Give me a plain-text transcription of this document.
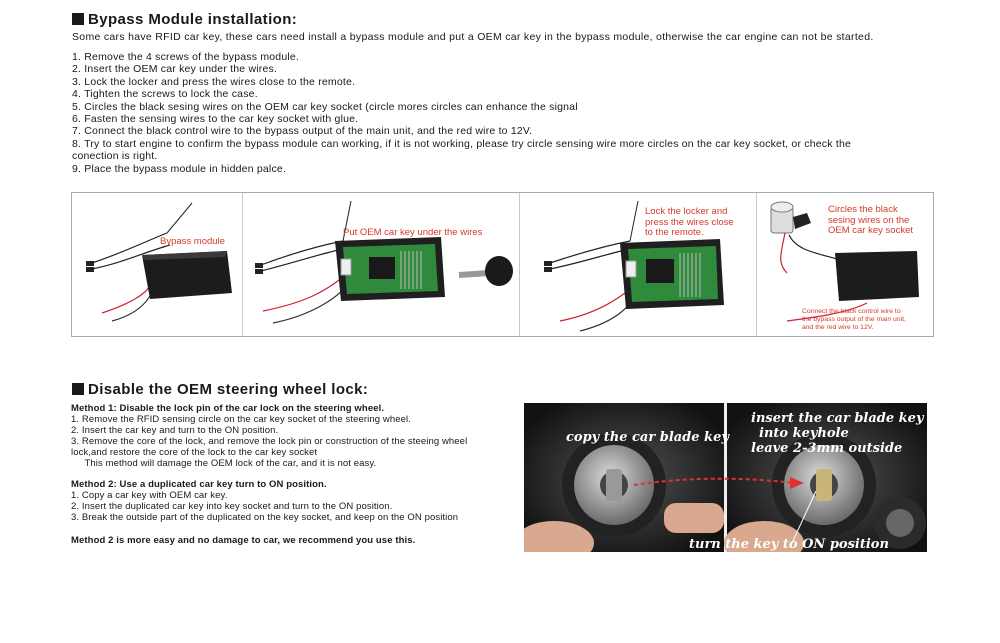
Bypass Module installation:
Some cars have RFID car key, these cars need install a bypass module and put a OEM car key in the bypass module, otherwise the car engine can not be started.
1. Remove the 4 screws of the bypass module.
2. Insert the OEM car key under the wires.
3. Lock the locker and press the wires close to the remote.
4. Tighten the screws to lock the case.
5. Circles the black sesing wires on the OEM car key socket (circle mores circles can enhance the signal
6. Fasten the sensing wires to the car key socket with glue.
7. Connect the black control wire to the bypass output of the main unit, and the red wire to 12V.
8. Try to start engine to confirm the bypass module can working, if it is not working, please try circle sensing wire more circles on the car key socket, or check the
conection is right.
9. Place the bypass module in hidden palce.
Bypass module
Put OEM car key under the wires
Lock the locker and
press the wires close
to the remote.
Circles the black
sesing wires on the
OEM car key socket
Connect the black control wire to
the bypass output of the main unit,
and the red wire to 12V.
Disable the OEM steering wheel lock:
Method 1: Disable the lock pin of the car lock on the steering wheel.
1. Remove the RFID sensing circle on the car key socket of the steering wheel.
2. Insert the car key and turn to the ON position.
3. Remove the core of the lock, and remove the lock pin or construction of the steeing wheel
lock,and restore the core of the lock to the car key socket
This method will damage the OEM lock of the car, and it is not easy.
Method 2: Use a duplicated car key turn to ON position.
1. Copy a car key with OEM car key.
2. Insert the duplicated car key into key socket and turn to the ON position.
3. Break the outside part of the duplicated on the key socket, and keep on the ON position
Method 2 is more easy and no damage to car, we recommend you use this.
copy the car blade key
insert the car blade key
into keyhole
leave 2-3mm outside
turn the key to ON position
